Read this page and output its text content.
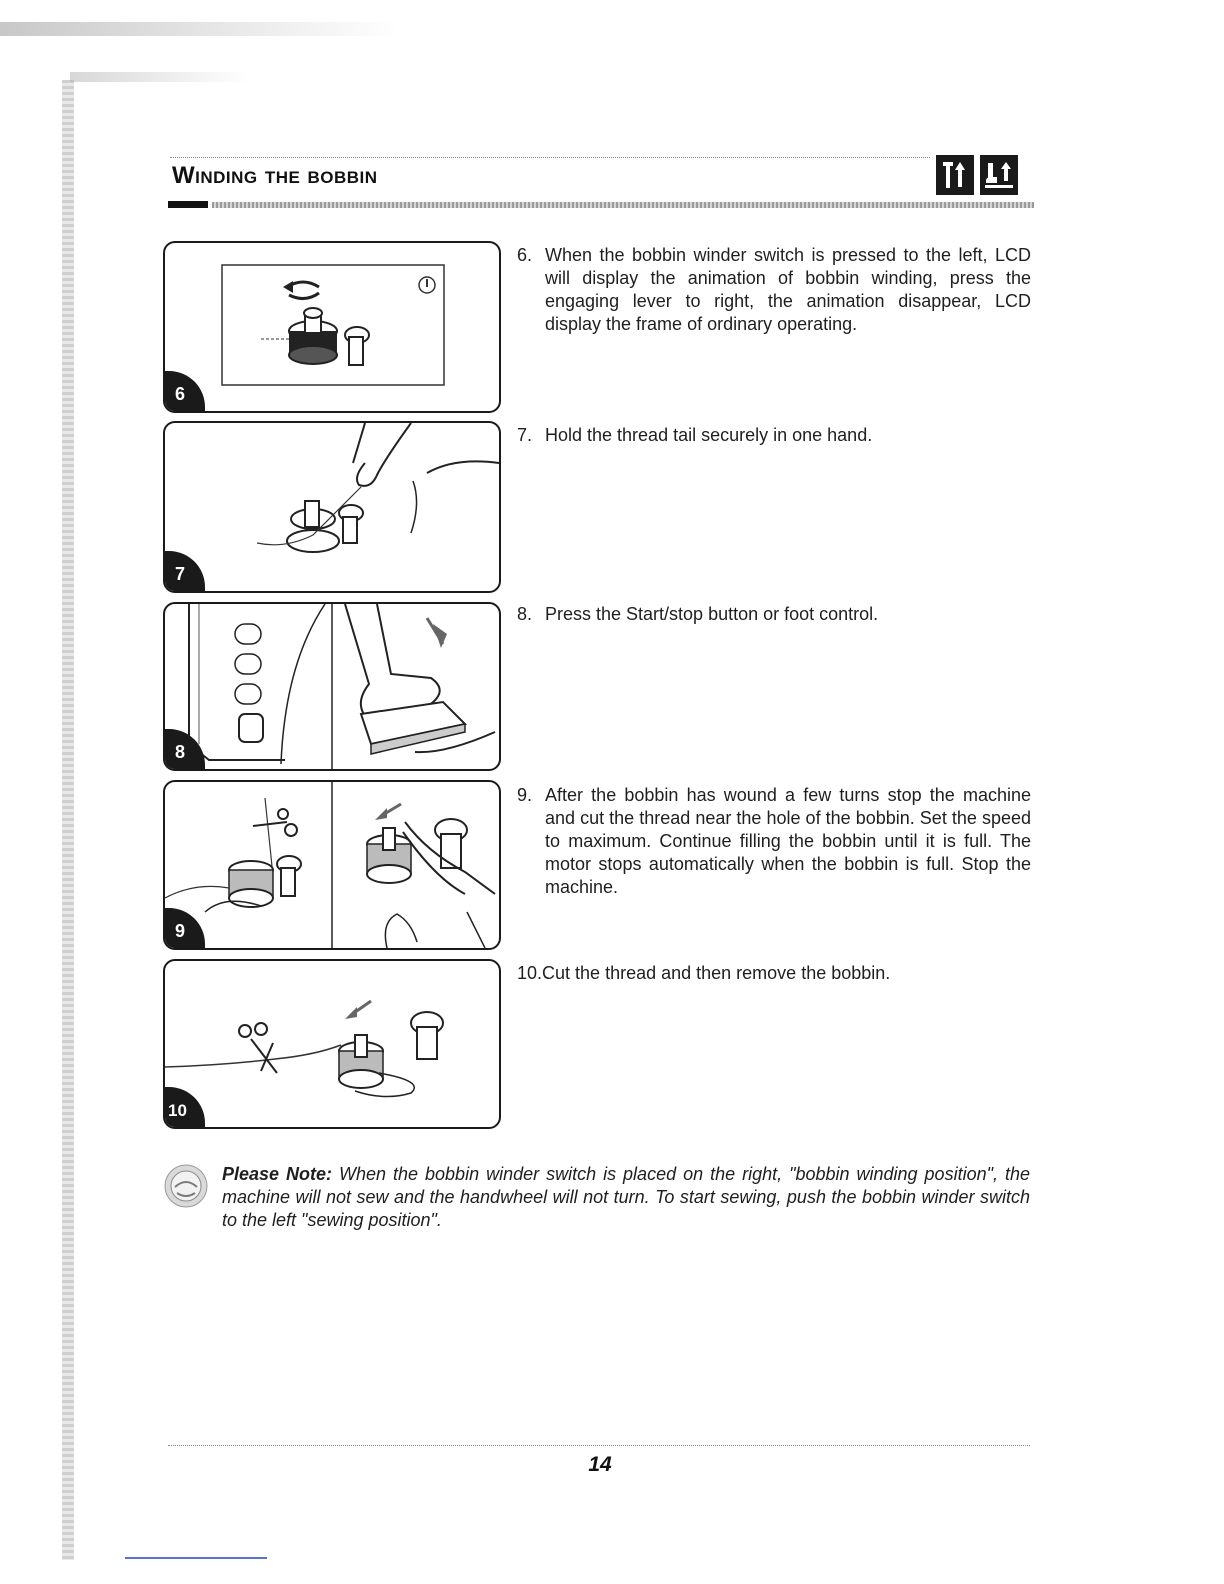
Winding the bobbin
6
7
8
9
10

6. When the bobbin winder switch is pressed to the left, LCD will display the animation of bobbin winding, press the engaging lever to right, the animation disappear, LCD display the frame of ordinary operating.

7. Hold the thread tail securely in one hand.

8. Press the Start/stop button or foot control.

9. After the bobbin has wound a few turns stop the machine and cut the thread near the hole of the bobbin. Set the speed to maximum. Continue filling the bobbin until it is full. The motor stops automatically when the bobbin is full. Stop the machine.

10.Cut the thread and then remove the bobbin.

Please Note: When the bobbin winder switch is placed on the right, "bobbin winding position", the machine will not sew and the handwheel will not turn. To start sewing, push the bobbin winder switch to the left "sewing position".

14
